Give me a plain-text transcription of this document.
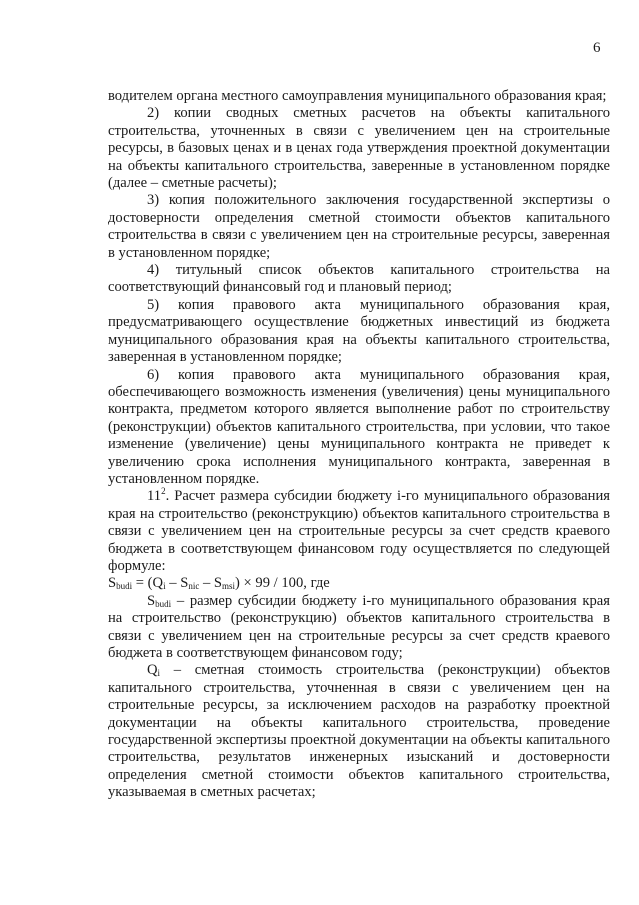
6

водителем органа местного самоуправления муниципального образования края;

2) копии сводных сметных расчетов на объекты капитального строительства, уточненных в связи с увеличением цен на строительные ресурсы, в базовых ценах и в ценах года утверждения проектной документации на объекты капитального строительства, заверенные в установленном порядке (далее – сметные расчеты);

3) копия положительного заключения государственной экспертизы о достоверности определения сметной стоимости объектов капитального строительства в связи с увеличением цен на строительные ресурсы, заверенная в установленном порядке;

4) титульный список объектов капитального строительства на соответствующий финансовый год и плановый период;

5) копия правового акта муниципального образования края, предусматривающего осуществление бюджетных инвестиций из бюджета муниципального образования края на объекты капитального строительства, заверенная в установленном порядке;

6) копия правового акта муниципального образования края, обеспечивающего возможность изменения (увеличения) цены муниципального контракта, предметом которого является выполнение работ по строительству (реконструкции) объектов капитального строительства, при условии, что такое изменение (увеличение) цены муниципального контракта не приведет к увеличению срока исполнения муниципального контракта, заверенная в установленном порядке.

$11^2$. Расчет размера субсидии бюджету i-го муниципального образования края на строительство (реконструкцию) объектов капитального строительства в связи с увеличением цен на строительные ресурсы за счет средств краевого бюджета в соответствующем финансовом году осуществляется по следующей формуле:

$S_{budi} = (Q_i - S_{nic} - S_{msi}) \times 99 / 100$, где

$S_{budi}$ – размер субсидии бюджету i-го муниципального образования края на строительство (реконструкцию) объектов капитального строительства в связи с увеличением цен на строительные ресурсы за счет средств краевого бюджета в соответствующем финансовом году;

$Q_i$ – сметная стоимость строительства (реконструкции) объектов капитального строительства, уточненная в связи с увеличением цен на строительные ресурсы, за исключением расходов на разработку проектной документации на объекты капитального строительства, проведение государственной экспертизы проектной документации на объекты капитального строительства, результатов инженерных изысканий и достоверности определения сметной стоимости объектов капитального строительства, указываемая в сметных расчетах;
